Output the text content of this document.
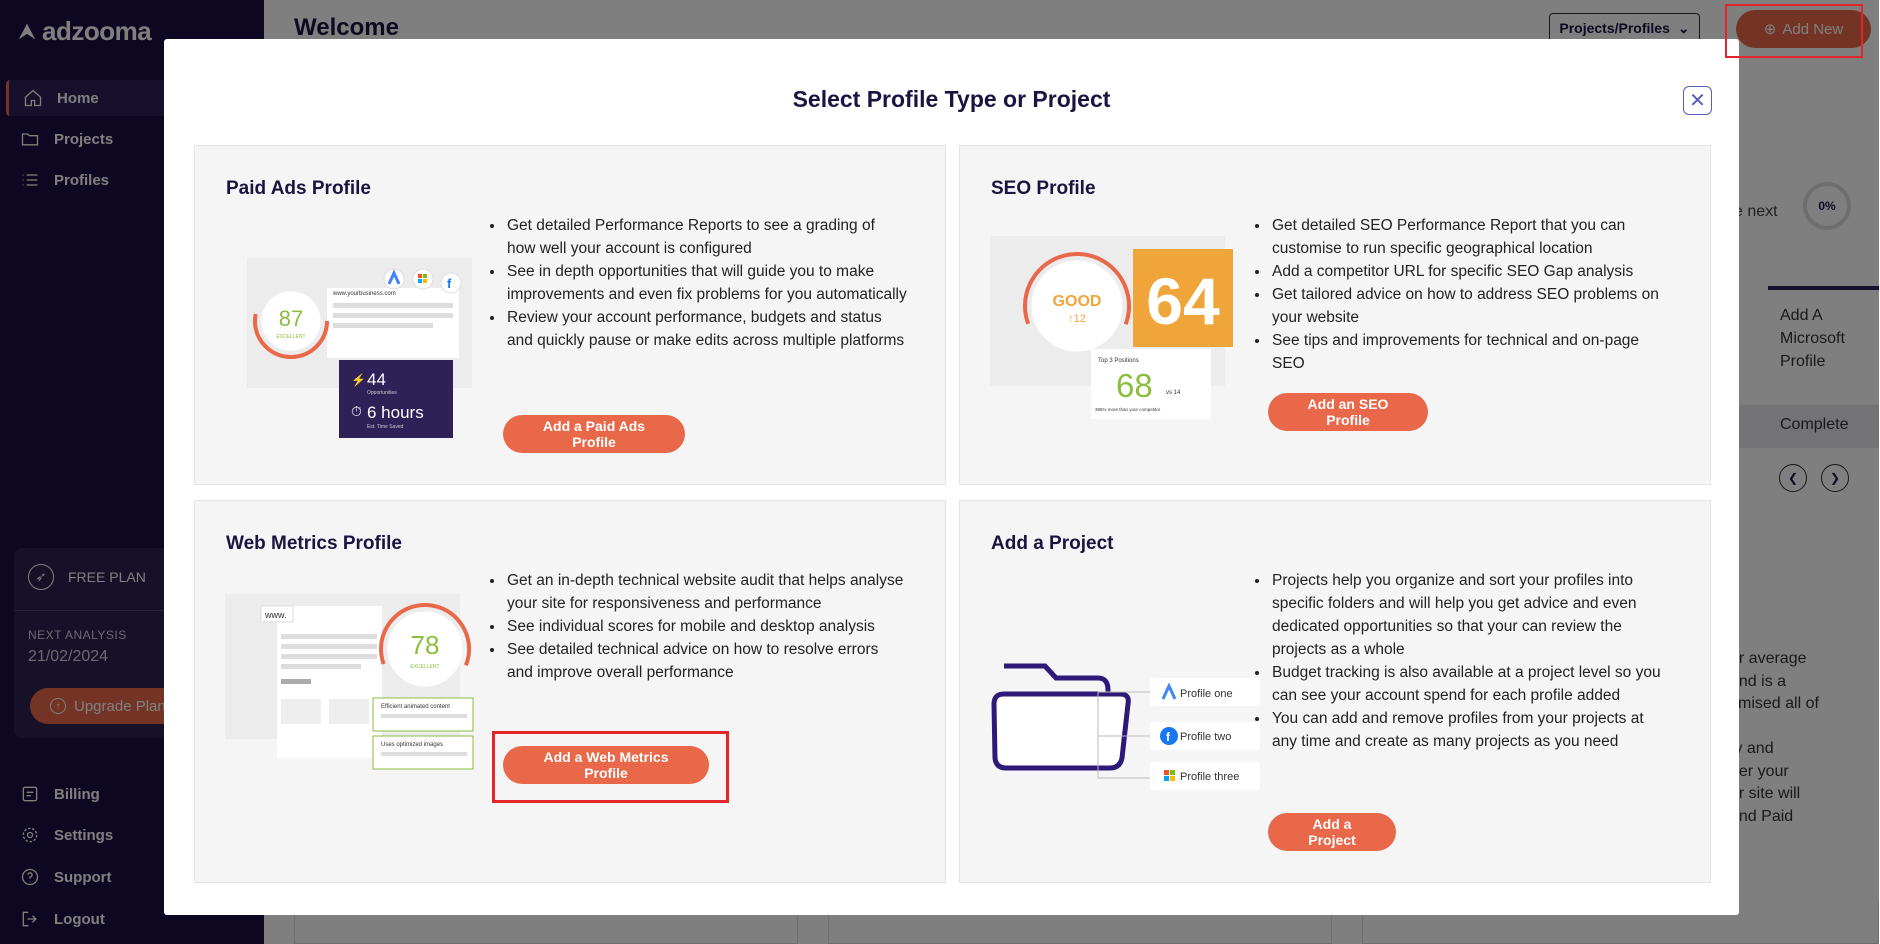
Select Profile Type or Project	✕
Paid Ads Profile
www.yourbusiness.com
f
87
EXCELLENT
⚡ 44
Opportunities
⏱ 6 hours
Est. Time Saved
• Get detailed Performance Reports to see a grading of how well your account is configured
• See in depth opportunities that will guide you to make improvements and even fix problems for you automatically
• Review your account performance, budgets and status and quickly pause or make edits across multiple platforms
Add a Paid Ads Profile
SEO Profile
GOOD
↑12 64
Top 3 Positions
68 vs 14
385% more than your competitor
• Get detailed SEO Performance Report that you can customise to run specific geographical location
• Add a competitor URL for specific SEO Gap analysis
• Get tailored advice on how to address SEO problems on your website
• See tips and improvements for technical and on-page SEO
Add an SEO Profile
Web Metrics Profile
www.
78
EXCELLENT
Efficient animated content
Uses optimized images
• Get an in-depth technical website audit that helps analyse your site for responsiveness and performance
• See individual scores for mobile and desktop analysis
• See detailed technical advice on how to resolve errors and improve overall performance
Add a Web Metrics Profile
Add a Project
Profile one
f Profile two
Profile three
• Projects help you organize and sort your profiles into specific folders and will help you get advice and even dedicated opportunities so that your can review the projects as a whole
• Budget tracking is also available at a project level so you can see your account spend for each profile added
• You can add and remove profiles from your projects at any time and create as many projects as you need
Add a Project
